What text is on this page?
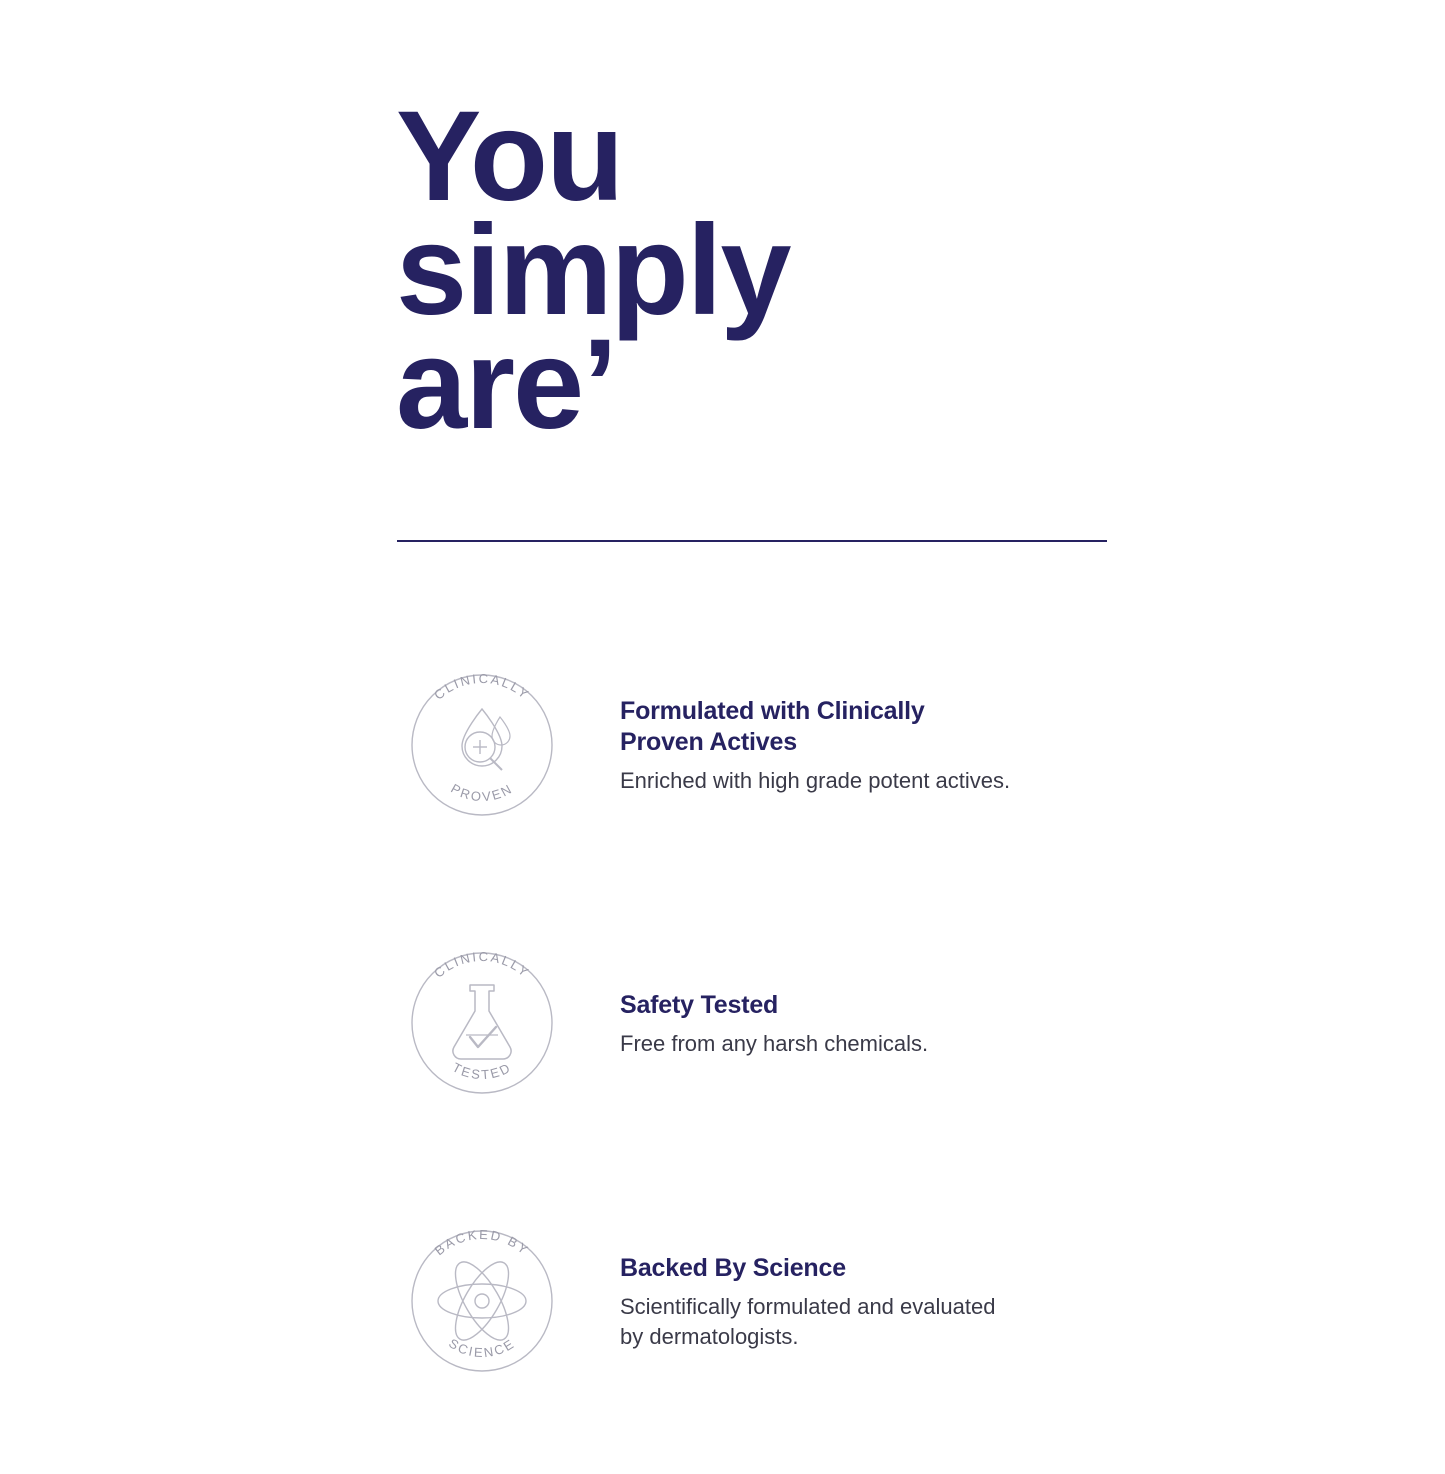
You
simply
are’
CLINICALLY
PROVEN

Formulated with Clinically Proven Actives

Enriched with high grade potent actives.

CLINICALLY
TESTED

Safety Tested

Free from any harsh chemicals.

BACKED BY
SCIENCE

Backed By Science

Scientifically formulated and evaluated by dermatologists.
